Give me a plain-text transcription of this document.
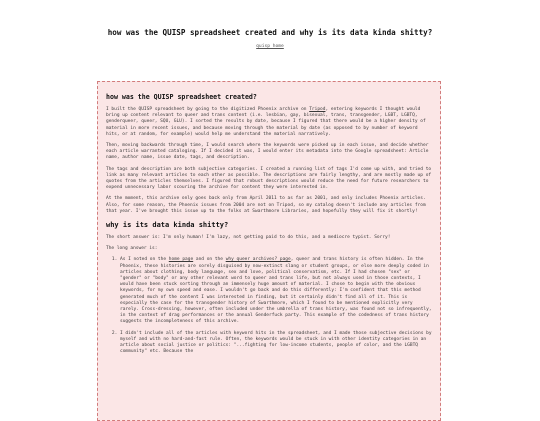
how was the QUISP spreadsheet created and why is its data kinda shitty?
quisp home
how was the QUISP spreadsheet created?

I built the QUISP spreadsheet by going to the digitized Phoenix archive on Tripod, entering keywords I thought would bring up content relevant to queer and trans content (i.e. lesbian, gay, bisexual, trans, transgender, LGBT, LGBTQ, genderqueer, queer, SQU, GLU). I sorted the results by date, because I figured that there would be a higher density of material in more recent issues, and because moving through the material by date (as opposed to by number of keyword hits, or at random, for example) would help me understand the material narratively.

Then, moving backwards through time, I would search where the keywords were picked up in each issue, and decide whether each article warranted cataloging. If I decided it was, I would enter its metadata into the Google spreadsheet: Article name, author name, issue date, tags, and description.

The tags and description are both subjective categories. I created a running list of tags I'd come up with, and tried to link as many relevant articles to each other as possible. The descriptions are fairly lengthy, and are mostly made up of quotes from the articles themselves. I figured that robust descriptions would reduce the need for future researchers to expend unnecessary labor scouring the archive for content they were interested in.

At the moment, this archive only goes back only from April 2011 to as far as 2001, and only includes Phoenix articles. Also, for some reason, the Phoenix issues from 2004 are not on Tripod, so my catalog doesn't include any articles from that year. I've brought this issue up to the folks at Swarthmore Libraries, and hopefully they will fix it shortly!

why is its data kinda shitty?

The short answer is: I'm only human! I'm lazy, not getting paid to do this, and a mediocre typist. Sorry!

The long answer is:

1. As I noted on the home page and on the why queer archives? page, queer and trans history is often hidden. In the Phoenix, these histories are sorely disguised by now-extinct slang or student groups, or else more deeply coded in articles about clothing, body language, sex and love, political conservatism, etc. If I had chosen "sex" or "gender" or "body" or any other relevant word to queer and trans life, but not always used in those contexts, I would have been stuck sorting through an immensely huge amount of material. I chose to begin with the obvious keywords, for my own speed and ease. I wouldn't go back and do this differently: I'm confident that this method generated much of the content I was interested in finding, but it certainly didn't find all of it. This is especially the case for the transgender history of Swarthmore, which I found to be mentioned explicitly very rarely. Cross-dressing, however, often included under the umbrella of trans history, was found not so infrequently, in the context of drag performances or the annual Genderfuck party. This example of the codedness of trans history suggests the incompleteness of this archive.
2. I didn't include all of the articles with keyword hits in the spreadsheet, and I made those subjective decisions by myself and with no hard-and-fast rule. Often, the keywords would be stuck in with other identity categories in an article about social justice or politics: "...fighting for low-income students, people of color, and the LGBTQ community" etc. Because the
